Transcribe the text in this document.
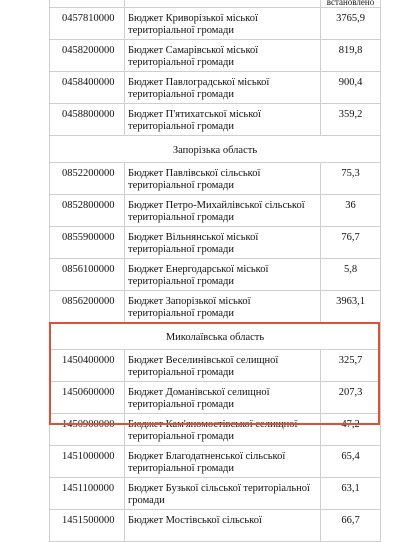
		встановлено
0457810000	Бюджет Криворізької міської територіальної громади	3765,9
0458200000	Бюджет Самарівської міської територіальної громади	819,8
0458400000	Бюджет Павлоградської міської територіальної громади	900,4
0458800000	Бюджет П'ятихатської міської територіальної громади	359,2
Запорізька область		
0852200000	Бюджет Павлівської сільської територіальної громади	75,3
0852800000	Бюджет Петро-Михайлівської сільської територіальної громади	36
0855900000	Бюджет Вільнянської міської територіальної громади	76,7
0856100000	Бюджет Енергодарської міської територіальної громади	5,8
0856200000	Бюджет Запорізької міської територіальної громади	3963,1
Миколаївська область		
1450400000	Бюджет Веселинівської селищної територіальної громади	325,7
1450600000	Бюджет Доманівської селищної територіальної громади	207,3
1450900000	Бюджет Кам'яномостівської селищної територіальної громади	47,2
1451000000	Бюджет Благодатненської сільської територіальної громади	65,4
1451100000	Бюджет Бузької сільської територіальної громади	63,1
1451500000	Бюджет Мостівської сільської	66,7
